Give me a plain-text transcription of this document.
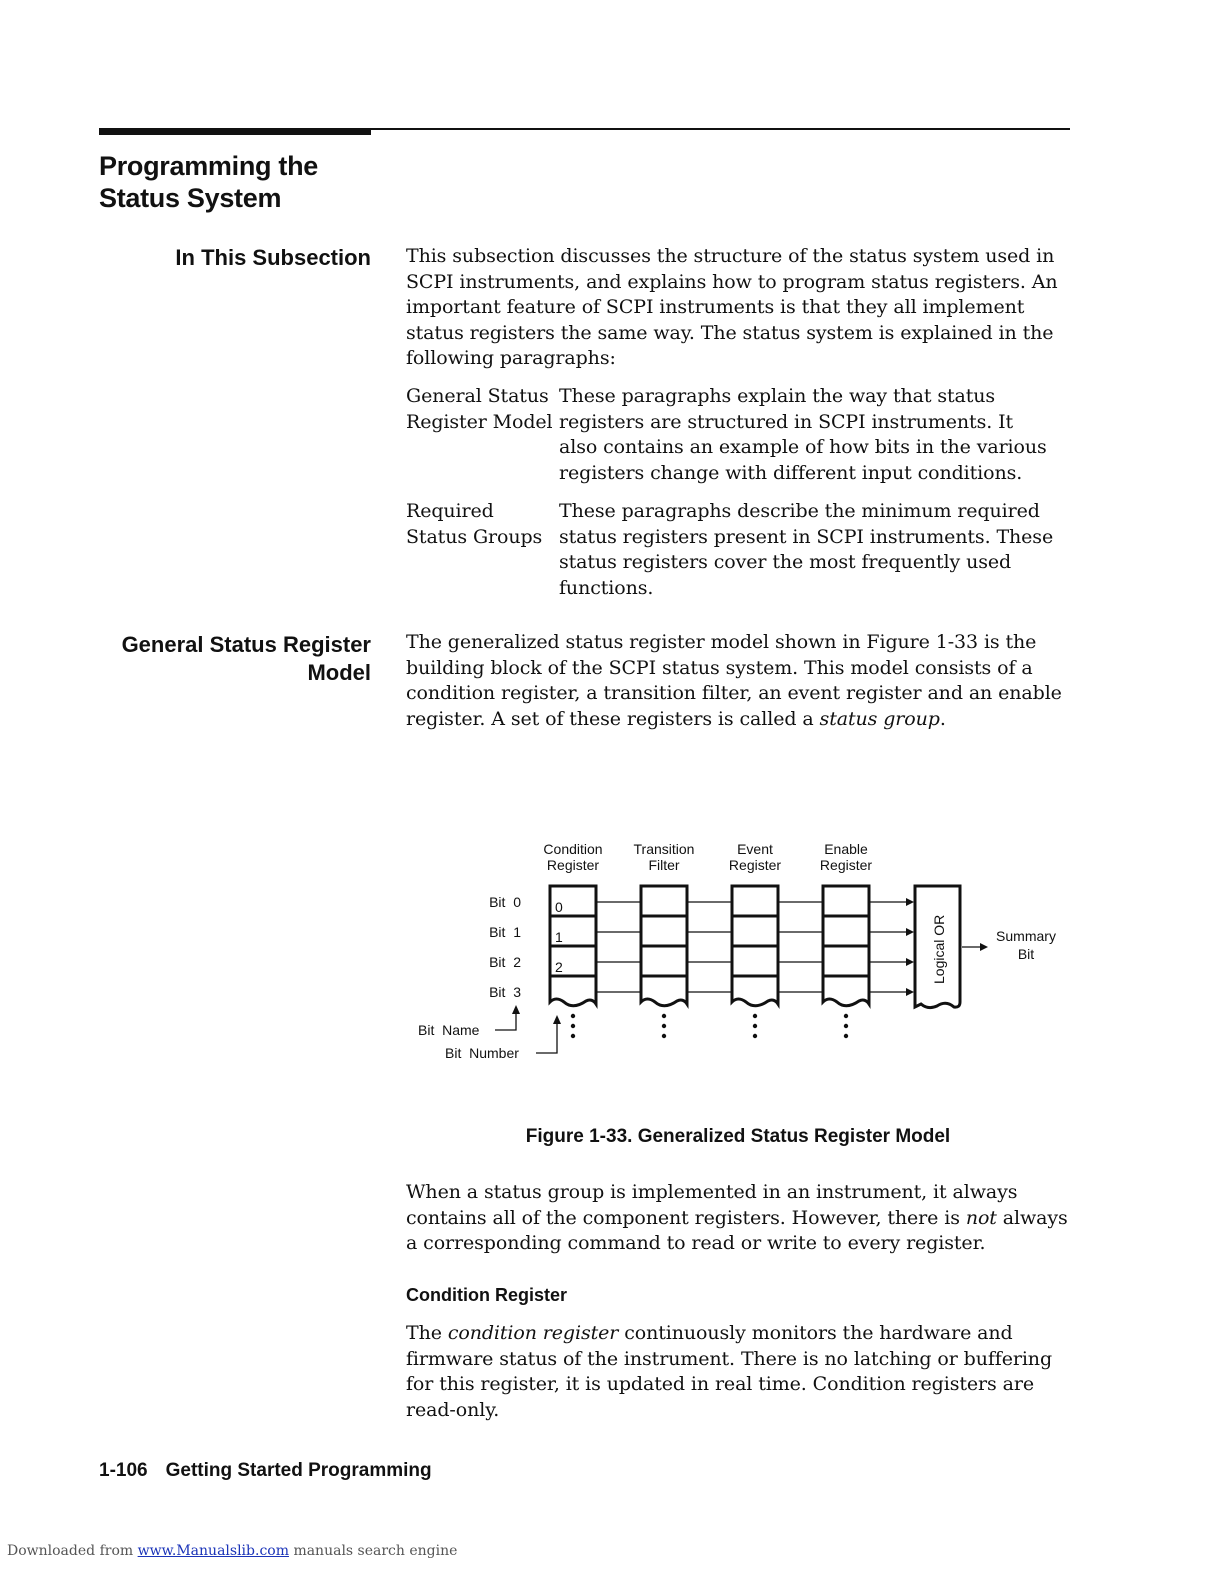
Programming the
Status System
In This Subsection This subsection discusses the structure of the status system used in

SCPI instruments, and explains how to program status registers. An

important feature of SCPI instruments is that they all implement

status registers the same way. The status system is explained in the

following paragraphs:

General Status
Register Model
These paragraphs explain the way that status
registers are structured in SCPI instruments. It
also contains an example of how bits in the various
registers change with different input conditions.
Required
Status Groups
These paragraphs describe the minimum required
status registers present in SCPI instruments. These
status registers cover the most frequently used
functions.
General Status Register
Model

The generalized status register model shown in Figure 1-33 is the

building block of the SCPI status system. This model consists of a

condition register, a transition filter, an event register and an enable

register. A set of these registers is called a status group.

Condition
Register
Transition
Filter
Event
Register
Enable
Register
Bit  0
Bit  1
Bit  2
Bit  3
0
1
2	Logical OR	Summary
Bit
Bit  Name
Bit  Number
Figure 1-33. Generalized Status Register Model

When a status group is implemented in an instrument, it always

contains all of the component registers. However, there is not always

a corresponding command to read or write to every register.

Condition Register

The condition register continuously monitors the hardware and

firmware status of the instrument. There is no latching or buffering

for this register, it is updated in real time. Condition registers are

read-only.

1-106 Getting Started Programming
Downloaded from www.Manualslib.com manuals search engine
